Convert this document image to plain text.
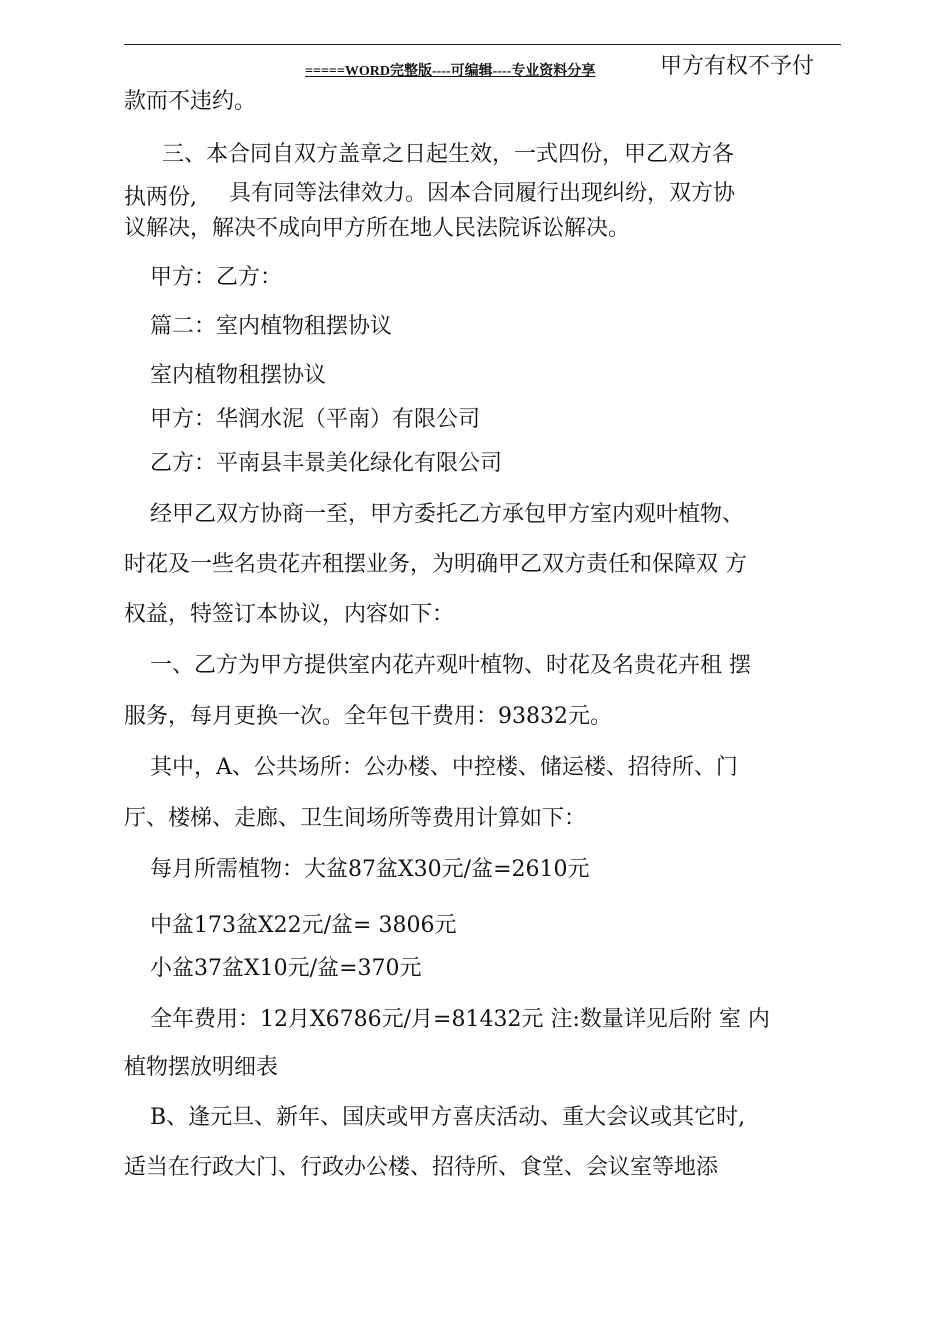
=====WORD完整版----可编辑----专业资料分享	甲方有权不予付
款而不违约。
三、本合同自双方盖章之日起生效，一式四份，甲乙双方各
执两份, 具有同等法律效力。因本合同履行出现纠纷，双方协
议解决，解决不成向甲方所在地人民法院诉讼解决。
甲方：乙方：
篇二：室内植物租摆协议
室内植物租摆协议
甲方：华润水泥（平南）有限公司
乙方：平南县丰景美化绿化有限公司
经甲乙双方协商一至，甲方委托乙方承包甲方室内观叶植物、
时花及一些名贵花卉租摆业务，为明确甲乙双方责任和保障双 方
权益，特签订本协议，内容如下：
一、乙方为甲方提供室内花卉观叶植物、时花及名贵花卉租 摆
服务，每月更换一次。全年包干费用：93832元。
其中，A、公共场所：公办楼、中控楼、储运楼、招待所、门
厅、楼梯、走廊、卫生间场所等费用计算如下：
每月所需植物：大盆87盆X30元/盆=2610元
中盆173盆X22元/盆= 3806元
小盆37盆X10元/盆=370元
全年费用：12月X6786元/月=81432元 注:数量详见后附 室 内
植物摆放明细表
B、逢元旦、新年、国庆或甲方喜庆活动、重大会议或其它时,
适当在行政大门、行政办公楼、招待所、食堂、会议室等地添
